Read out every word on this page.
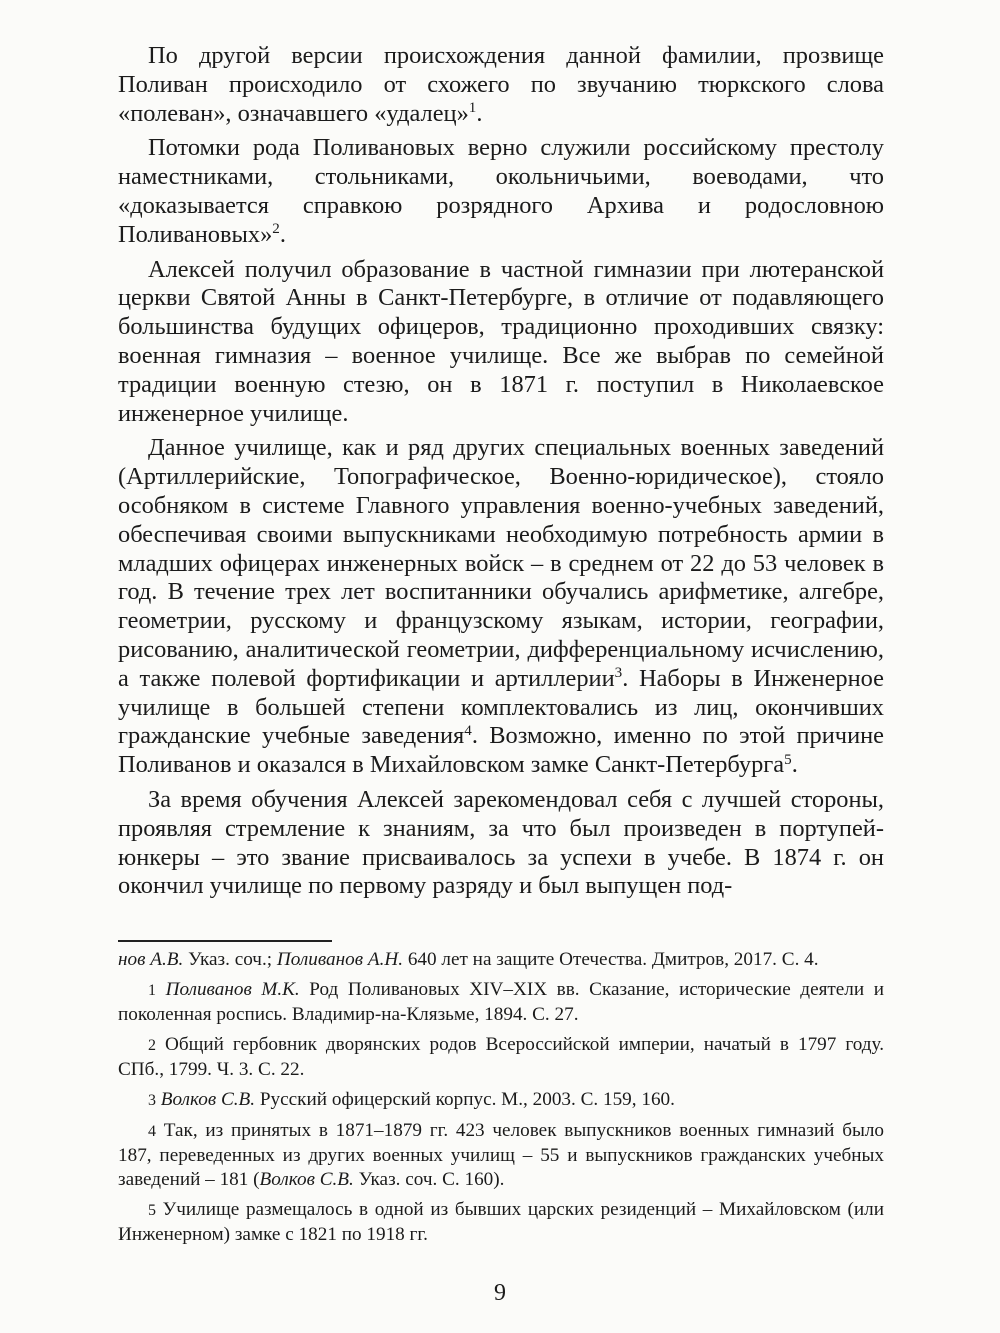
По другой версии происхождения данной фамилии, прозвище Поливан происходило от схожего по звучанию тюркского слова «полеван», означавшего «удалец»$^1$.

Потомки рода Поливановых верно служили российскому престолу наместниками, стольниками, окольничьими, воеводами, что «доказывается справкою розрядного Архива и родословною Поливановых»$^2$.

Алексей получил образование в частной гимназии при лютеранской церкви Святой Анны в Санкт-Петербурге, в отличие от подавляющего большинства будущих офицеров, традиционно проходивших связку: военная гимназия – военное училище. Все же выбрав по семейной традиции военную стезю, он в 1871 г. поступил в Николаевское инженерное училище.

Данное училище, как и ряд других специальных военных заведений (Артиллерийские, Топографическое, Военно-юридическое), стояло особняком в системе Главного управления военно-учебных заведений, обеспечивая своими выпускниками необходимую потребность армии в младших офицерах инженерных войск – в среднем от 22 до 53 человек в год. В течение трех лет воспитанники обучались арифметике, алгебре, геометрии, русскому и французскому языкам, истории, географии, рисованию, аналитической геометрии, дифференциальному исчислению, а также полевой фортификации и артиллерии$^3$. Наборы в Инженерное училище в большей степени комплектовались из лиц, окончивших гражданские учебные заведения$^4$. Возможно, именно по этой причине Поливанов и оказался в Михайловском замке Санкт-Петербурга$^5$.

За время обучения Алексей зарекомендовал себя с лучшей стороны, проявляя стремление к знаниям, за что был произведен в портупей-юнкеры – это звание присваивалось за успехи в учебе. В 1874 г. он окончил училище по первому разряду и был выпущен под-

нов А.В. Указ. соч.; Поливанов А.Н. 640 лет на защите Отечества. Дмитров, 2017. С. 4.

1 Поливанов М.К. Род Поливановых XIV–XIX вв. Сказание, исторические деятели и поколенная роспись. Владимир-на-Клязьме, 1894. С. 27.

2 Общий гербовник дворянских родов Всероссийской империи, начатый в 1797 году. СПб., 1799. Ч. 3. С. 22.

3 Волков С.В. Русский офицерский корпус. М., 2003. С. 159, 160.

4 Так, из принятых в 1871–1879 гг. 423 человек выпускников военных гимназий было 187, переведенных из других военных училищ – 55 и выпускников гражданских учебных заведений – 181 (Волков С.В. Указ. соч. С. 160).

5 Училище размещалось в одной из бывших царских резиденций – Михайловском (или Инженерном) замке с 1821 по 1918 гг.

9
